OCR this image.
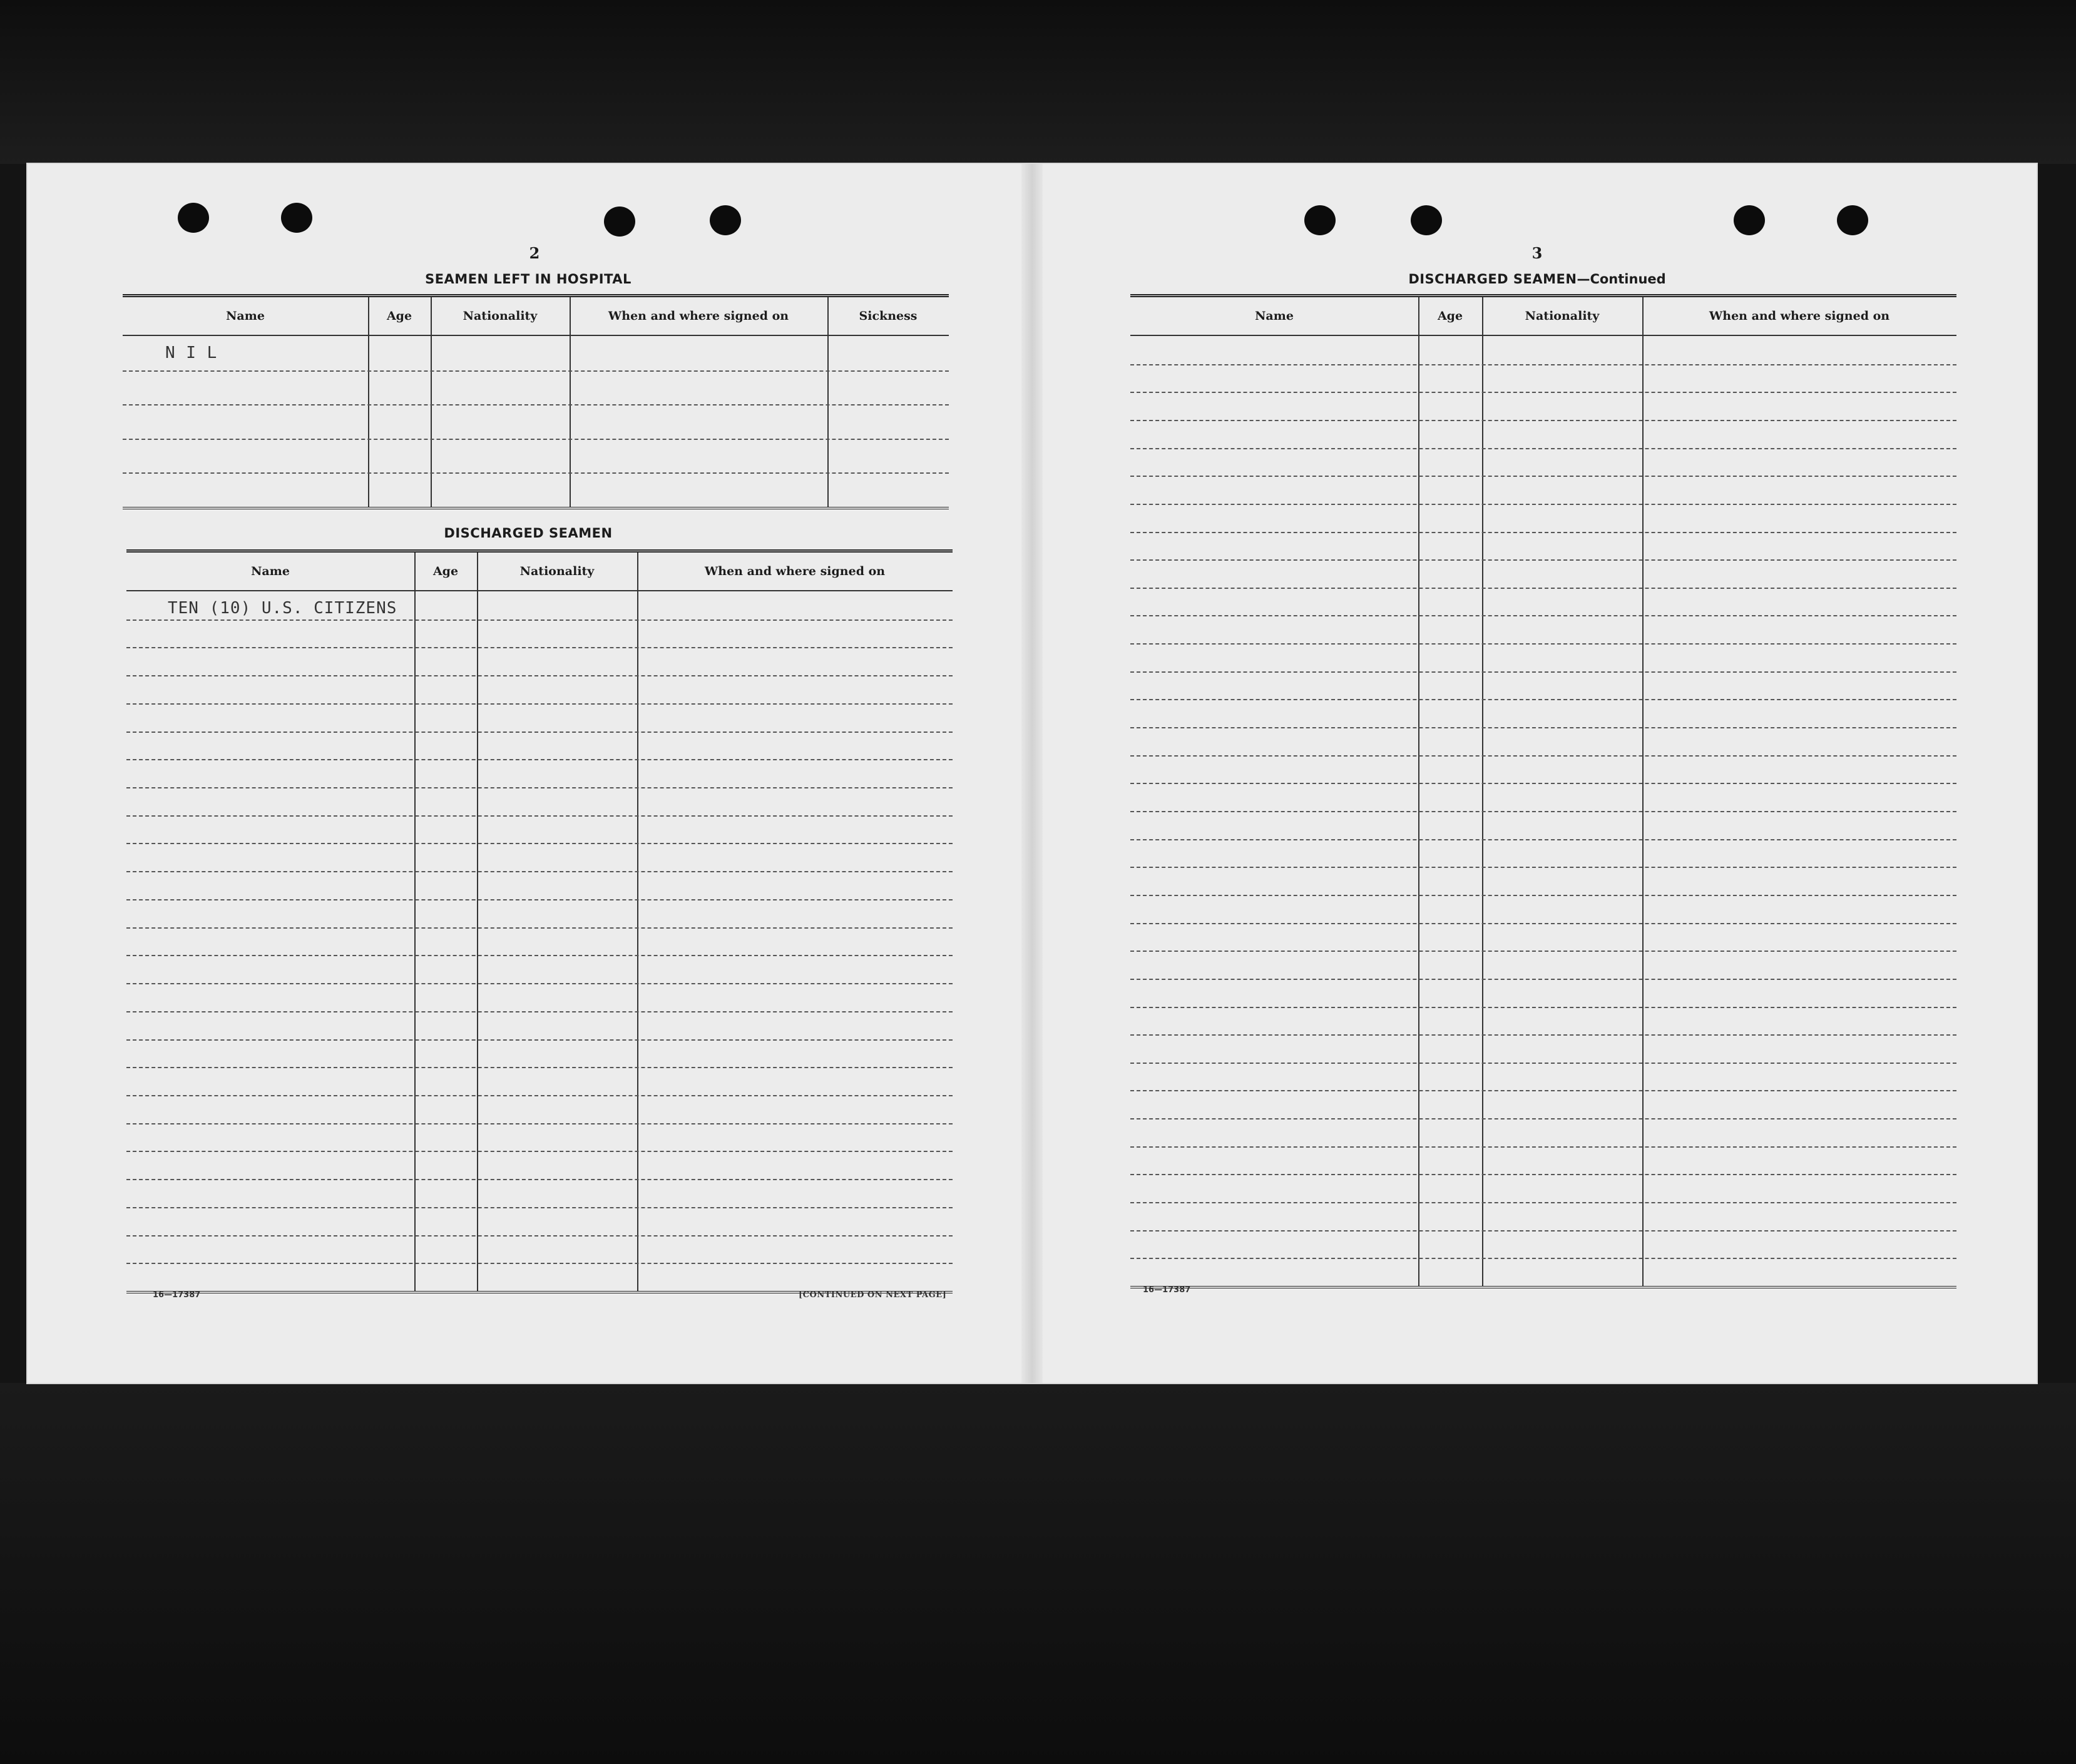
2
SEAMEN LEFT IN HOSPITAL
Name	Age	Nationality	When and where signed on	Sickness
N I L
DISCHARGED SEAMEN
Name	Age	Nationality	When and where signed on
TEN (10) U.S. CITIZENS
16—17387	[CONTINUED ON NEXT PAGE]
3
DISCHARGED SEAMEN—Continued
Name	Age	Nationality	When and where signed on
16—17387
